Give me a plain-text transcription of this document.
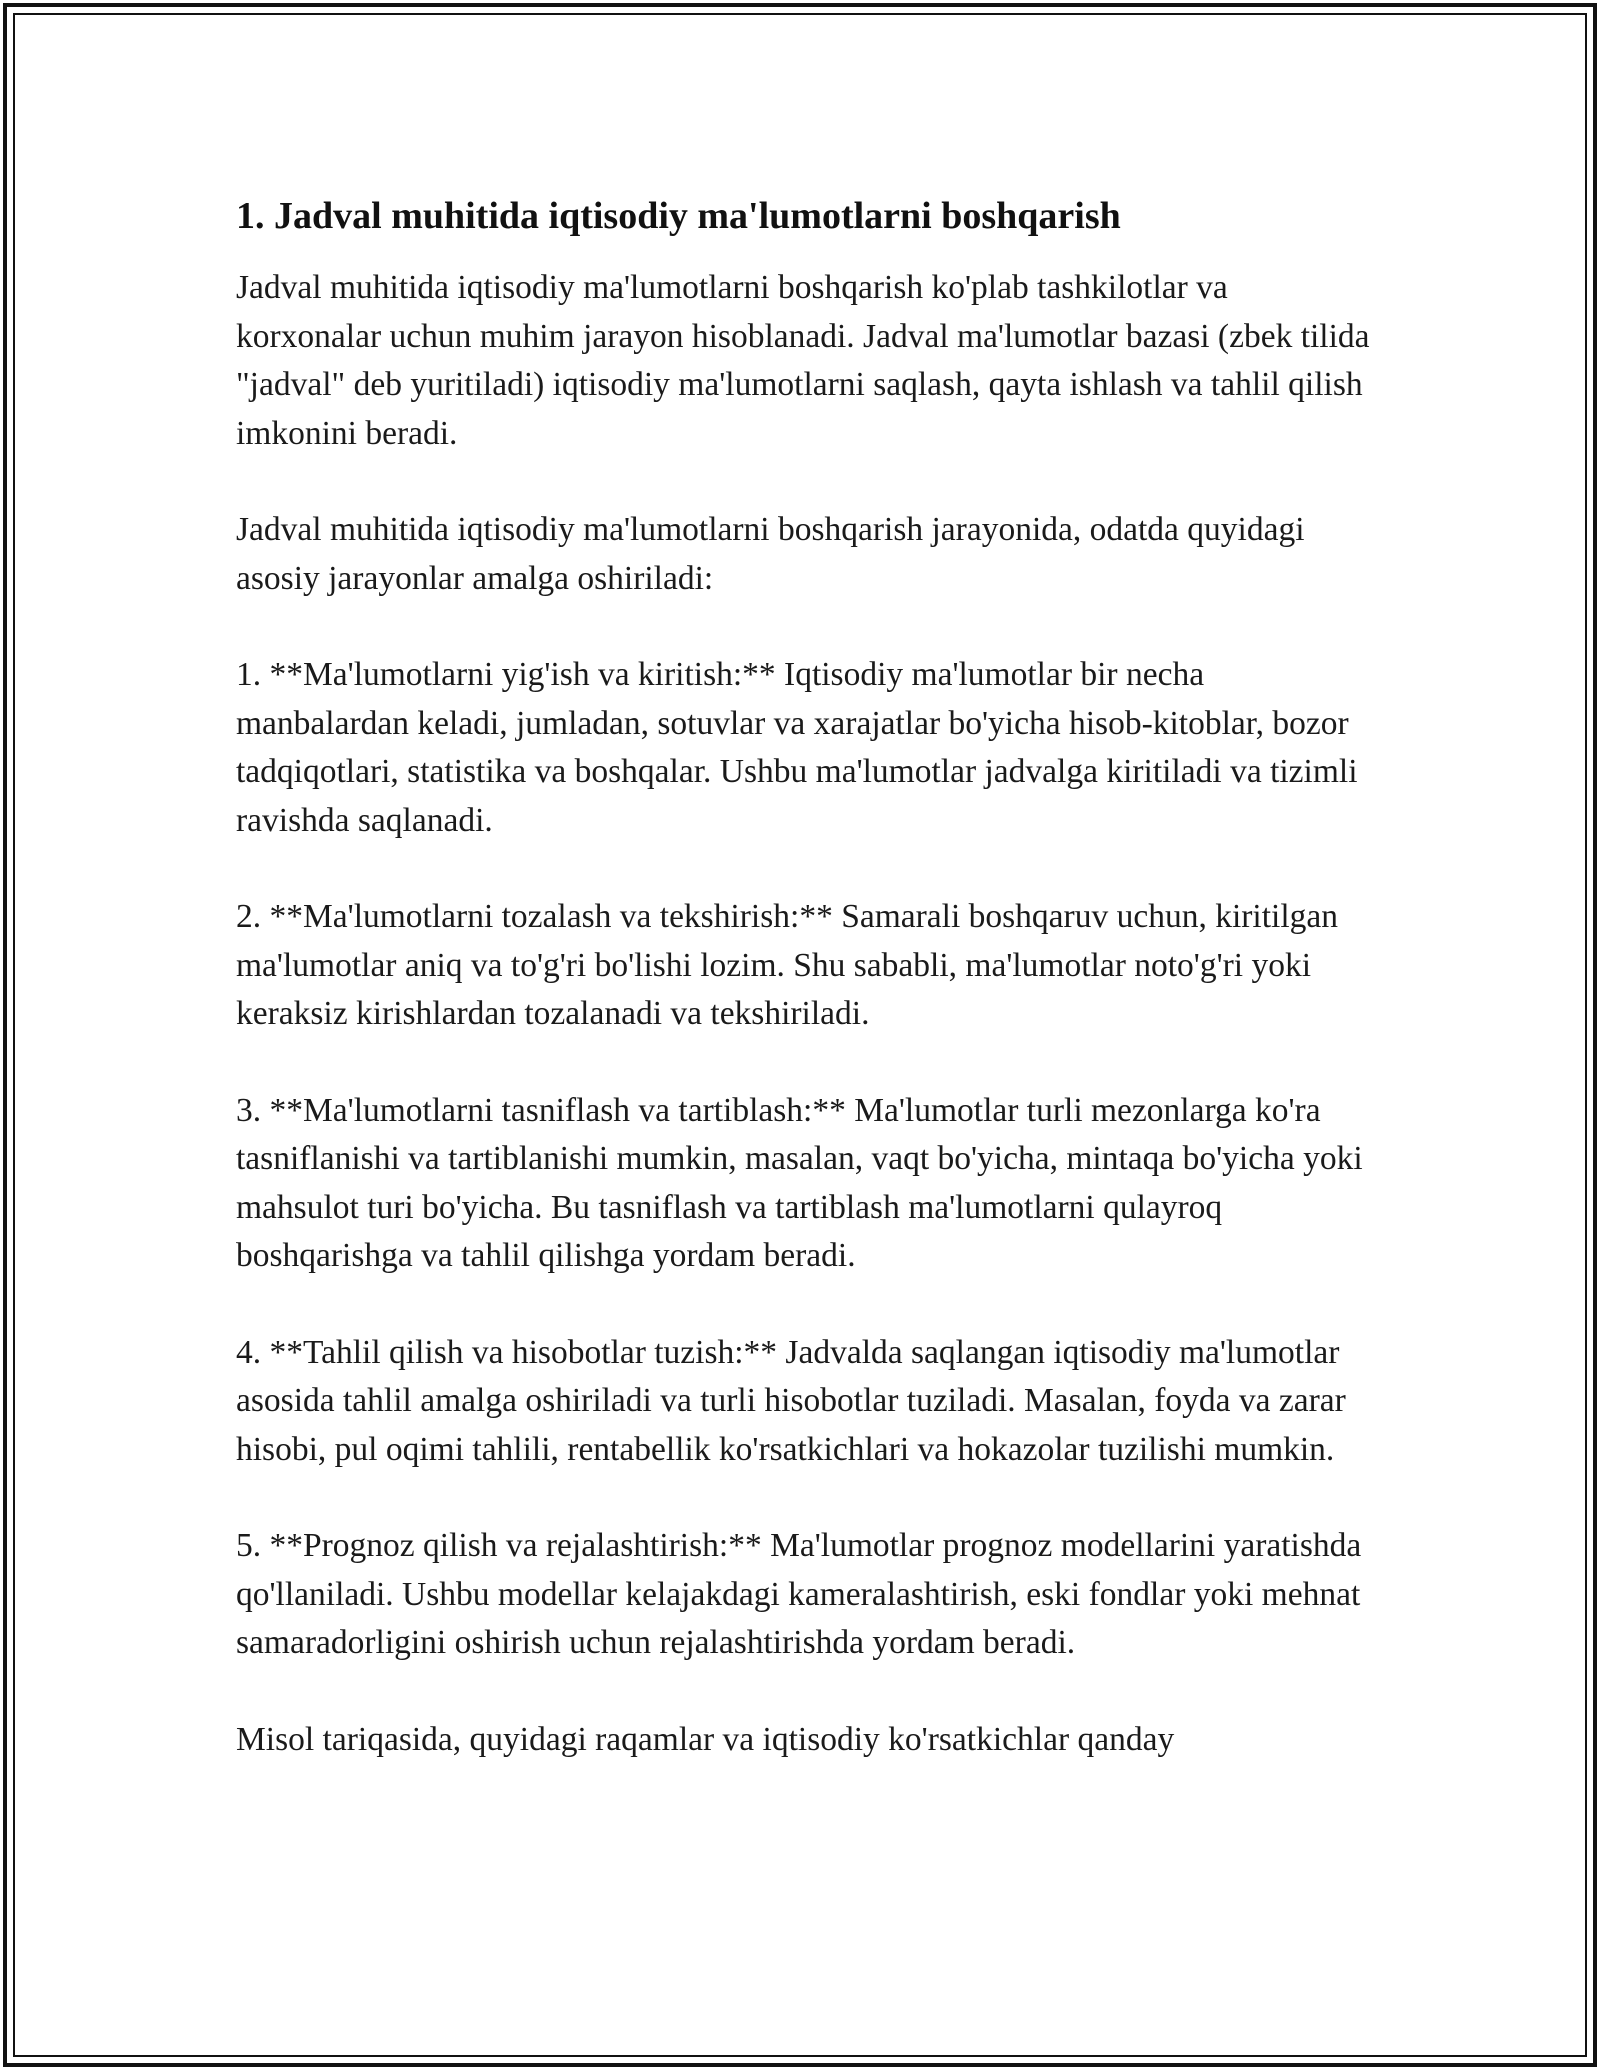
1. Jadval muhitida iqtisodiy ma'lumotlarni boshqarish

Jadval muhitida iqtisodiy ma'lumotlarni boshqarish ko'plab tashkilotlar va korxonalar uchun muhim jarayon hisoblanadi. Jadval ma'lumotlar bazasi (zbek tilida "jadval" deb yuritiladi) iqtisodiy ma'lumotlarni saqlash, qayta ishlash va tahlil qilish imkonini beradi.

Jadval muhitida iqtisodiy ma'lumotlarni boshqarish jarayonida, odatda quyidagi asosiy jarayonlar amalga oshiriladi:

1. **Ma'lumotlarni yig'ish va kiritish:** Iqtisodiy ma'lumotlar bir necha manbalardan keladi, jumladan, sotuvlar va xarajatlar bo'yicha hisob-kitoblar, bozor tadqiqotlari, statistika va boshqalar. Ushbu ma'lumotlar jadvalga kiritiladi va tizimli ravishda saqlanadi.

2. **Ma'lumotlarni tozalash va tekshirish:** Samarali boshqaruv uchun, kiritilgan ma'lumotlar aniq va to'g'ri bo'lishi lozim. Shu sababli, ma'lumotlar noto'g'ri yoki keraksiz kirishlardan tozalanadi va tekshiriladi.

3. **Ma'lumotlarni tasniflash va tartiblash:** Ma'lumotlar turli mezonlarga ko'ra tasniflanishi va tartiblanishi mumkin, masalan, vaqt bo'yicha, mintaqa bo'yicha yoki mahsulot turi bo'yicha. Bu tasniflash va tartiblash ma'lumotlarni qulayroq boshqarishga va tahlil qilishga yordam beradi.

4. **Tahlil qilish va hisobotlar tuzish:** Jadvalda saqlangan iqtisodiy ma'lumotlar asosida tahlil amalga oshiriladi va turli hisobotlar tuziladi. Masalan, foyda va zarar hisobi, pul oqimi tahlili, rentabellik ko'rsatkichlari va hokazolar tuzilishi mumkin.

5. **Prognoz qilish va rejalashtirish:** Ma'lumotlar prognoz modellarini yaratishda qo'llaniladi. Ushbu modellar kelajakdagi kameralashtirish, eski fondlar yoki mehnat samaradorligini oshirish uchun rejalashtirishda yordam beradi.

Misol tariqasida, quyidagi raqamlar va iqtisodiy ko'rsatkichlar qanday
